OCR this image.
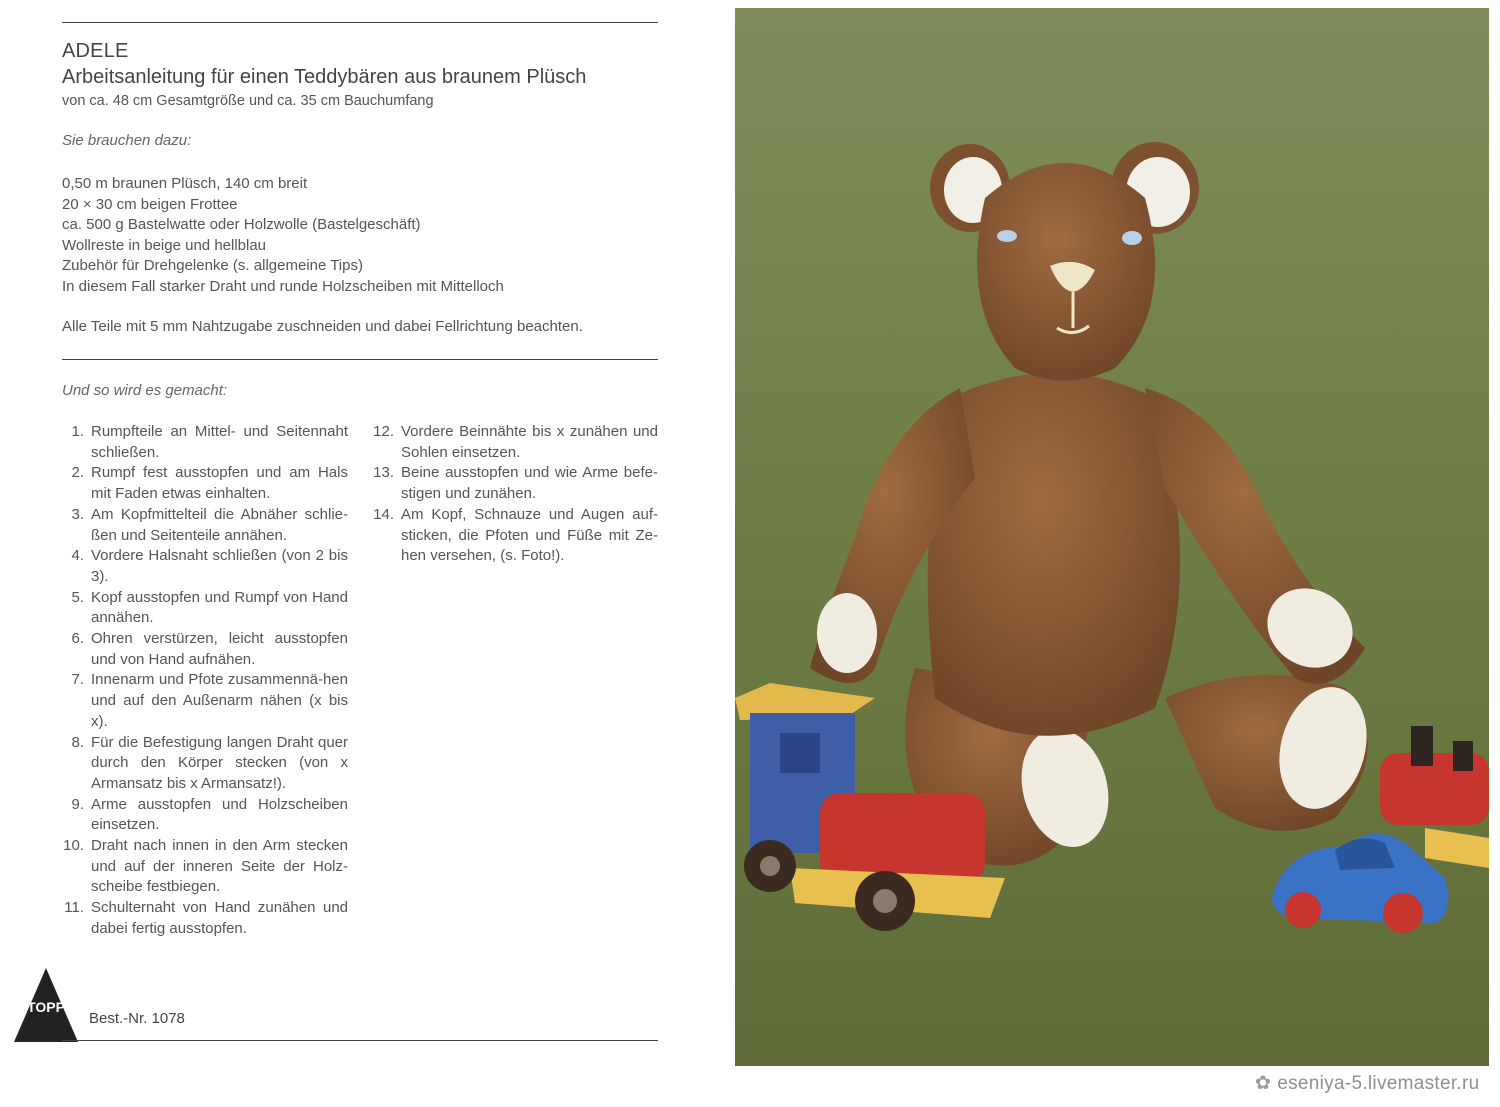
ADELE
Arbeitsanleitung für einen Teddybären aus braunem Plüsch
von ca. 48 cm Gesamtgröße und ca. 35 cm Bauchumfang
Sie brauchen dazu:
0,50 m braunen Plüsch, 140 cm breit
20 × 30 cm beigen Frottee
ca. 500 g Bastelwatte oder Holzwolle (Bastelgeschäft)
Wollreste in beige und hellblau
Zubehör für Drehgelenke (s. allgemeine Tips)
In diesem Fall starker Draht und runde Holzscheiben mit Mittelloch
Alle Teile mit 5 mm Nahtzugabe zuschneiden und dabei Fellrichtung beachten.
Und so wird es gemacht:
1. Rumpfteile an Mittel- und Seitennaht schließen.
2. Rumpf fest ausstopfen und am Hals mit Faden etwas einhalten.
3. Am Kopfmittelteil die Abnäher schlie-ßen und Seitenteile annähen.
4. Vordere Halsnaht schließen (von 2 bis 3).
5. Kopf ausstopfen und Rumpf von Hand annähen.
6. Ohren verstürzen, leicht ausstopfen und von Hand aufnähen.
7. Innenarm und Pfote zusammennä-hen und auf den Außenarm nähen (x bis x).
8. Für die Befestigung langen Draht quer durch den Körper stecken (von x Armansatz bis x Armansatz!).
9. Arme ausstopfen und Holzscheiben einsetzen.
10. Draht nach innen in den Arm stecken und auf der inneren Seite der Holz-scheibe festbiegen.
11. Schulternaht von Hand zunähen und dabei fertig ausstopfen.
12. Vordere Beinnähte bis x zunähen und Sohlen einsetzen.
13. Beine ausstopfen und wie Arme befe-stigen und zunähen.
14. Am Kopf, Schnauze und Augen auf-sticken, die Pfoten und Füße mit Ze-hen versehen, (s. Foto!).
TOPP
Best.-Nr. 1078
✿ eseniya-5.livemaster.ru
